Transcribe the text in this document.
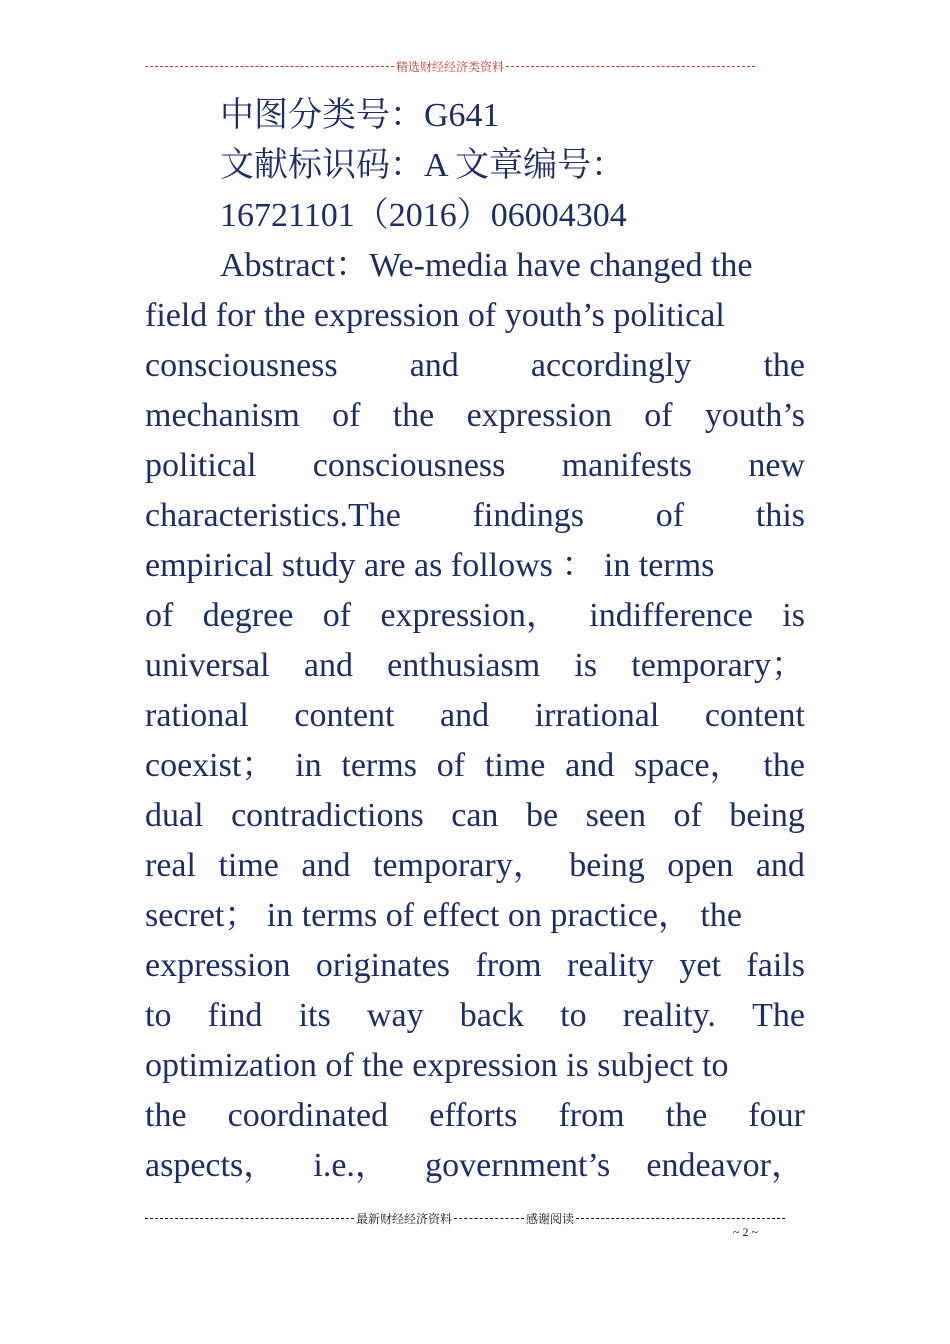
精选财经经济类资料
中图分类号：G641
文献标识码：A 文章编号：
16721101（2016）06004304
Abstract：We-media have changed the
field for the expression of youth’s political
consciousness and accordingly the
mechanism of the expression of youth’s
political consciousness manifests new
characteristics.The findings of this
empirical study are as follows ： in terms
of degree of expression， indifference is
universal and enthusiasm is temporary；
rational content and irrational content
coexist； in terms of time and space， the
dual contradictions can be seen of being
real time and temporary， being open and
secret； in terms of effect on practice， the
expression originates from reality yet fails
to find its way back to reality. The
optimization of the expression is subject to
the coordinated efforts from the four
aspects， i.e.， government’s endeavor，
最新财经经济资料	感谢阅读
~ 2 ~
